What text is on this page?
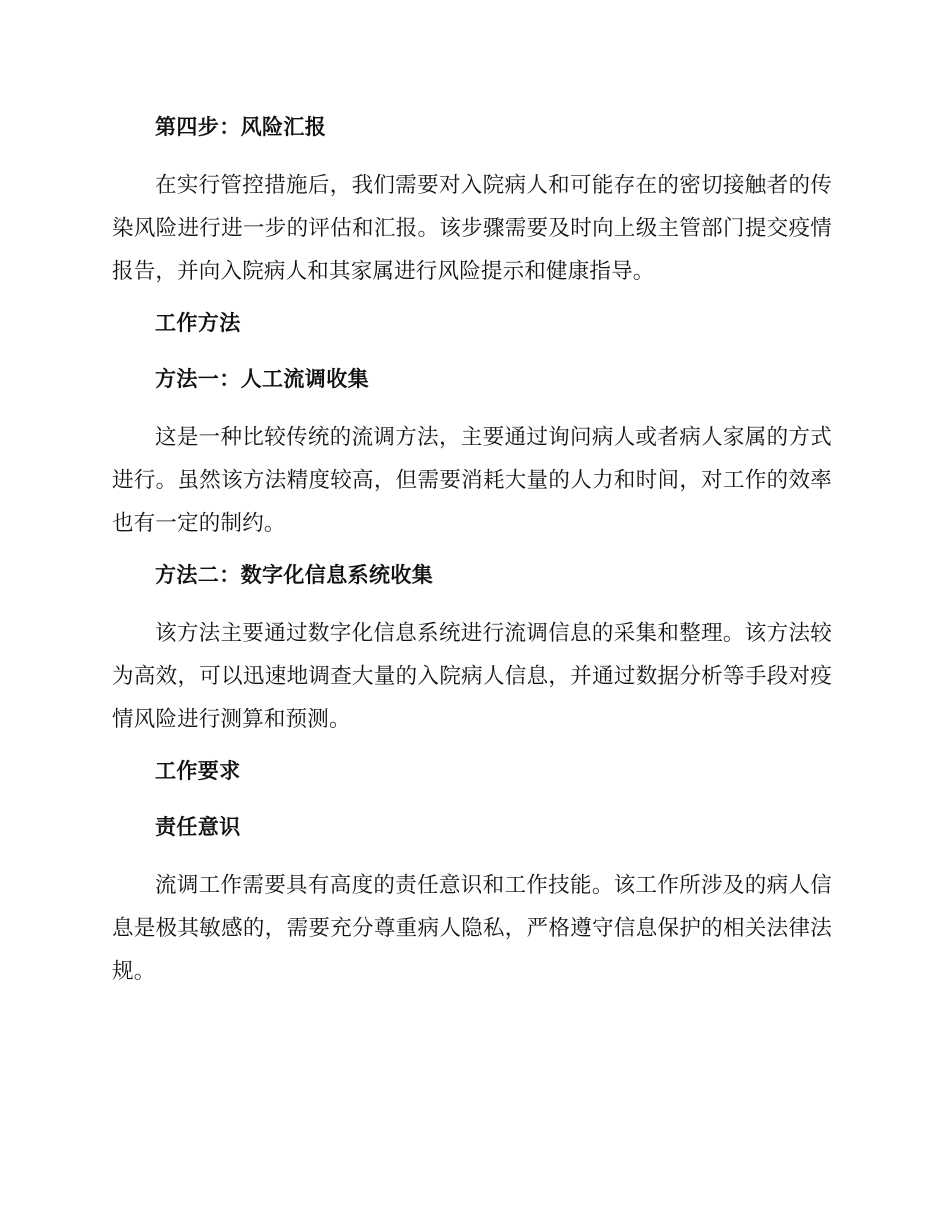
第四步：风险汇报

在实行管控措施后，我们需要对入院病人和可能存在的密切接触者的传染风险进行进一步的评估和汇报。该步骤需要及时向上级主管部门提交疫情报告，并向入院病人和其家属进行风险提示和健康指导。

工作方法

方法一：人工流调收集

这是一种比较传统的流调方法，主要通过询问病人或者病人家属的方式进行。虽然该方法精度较高，但需要消耗大量的人力和时间，对工作的效率也有一定的制约。

方法二：数字化信息系统收集

该方法主要通过数字化信息系统进行流调信息的采集和整理。该方法较为高效，可以迅速地调查大量的入院病人信息，并通过数据分析等手段对疫情风险进行测算和预测。

工作要求

责任意识

流调工作需要具有高度的责任意识和工作技能。该工作所涉及的病人信息是极其敏感的，需要充分尊重病人隐私，严格遵守信息保护的相关法律法规。
